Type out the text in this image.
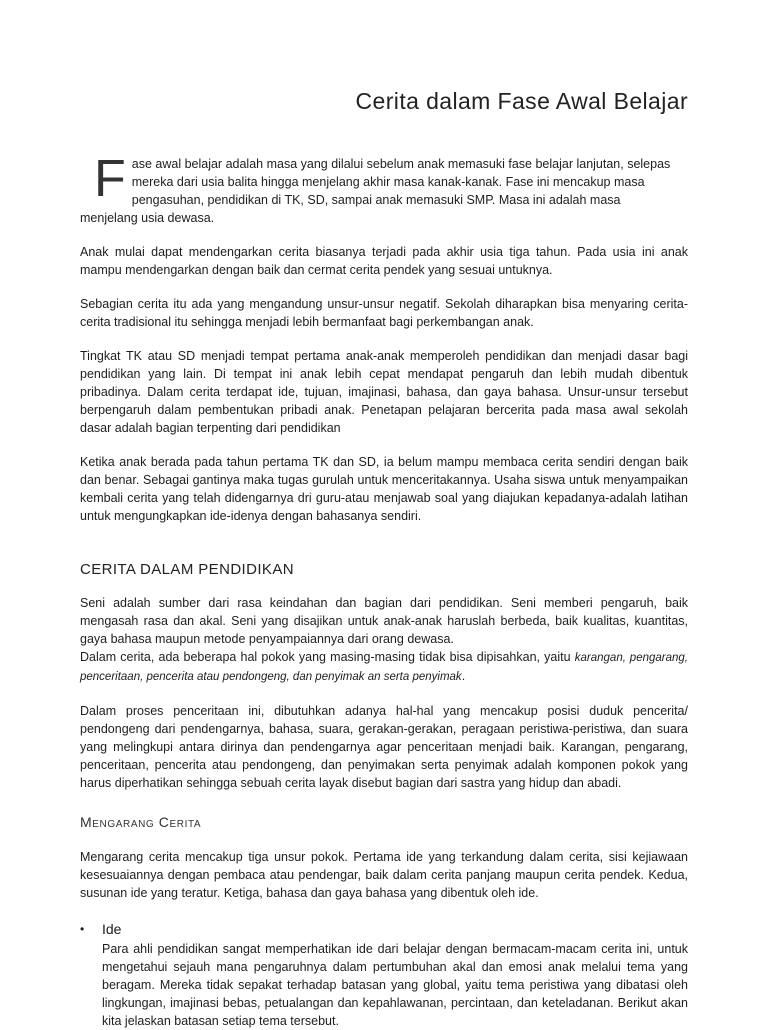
Cerita dalam Fase Awal Belajar
F ase awal belajar adalah masa yang dilalui sebelum anak memasuki fase belajar lanjutan, selepas

mereka dari usia balita hingga menjelang akhir masa kanak-kanak. Fase ini mencakup masa

pengasuhan, pendidikan di TK, SD, sampai anak memasuki SMP. Masa ini adalah masa

menjelang usia dewasa.

Anak mulai dapat mendengarkan cerita biasanya terjadi pada akhir usia tiga tahun. Pada usia ini anak mampu mendengarkan dengan baik dan cermat cerita pendek yang sesuai untuknya.

Sebagian cerita itu ada yang mengandung unsur-unsur negatif. Sekolah diharapkan bisa menyaring cerita-cerita tradisional itu sehingga menjadi lebih bermanfaat bagi perkembangan anak.

Tingkat TK atau SD menjadi tempat pertama anak-anak memperoleh pendidikan dan menjadi dasar bagi pendidikan yang lain. Di tempat ini anak lebih cepat mendapat pengaruh dan lebih mudah dibentuk pribadinya. Dalam cerita terdapat ide, tujuan, imajinasi, bahasa, dan gaya bahasa. Unsur-unsur tersebut berpengaruh dalam pembentukan pribadi anak. Penetapan pelajaran bercerita pada masa awal sekolah dasar adalah bagian terpenting dari pendidikan

Ketika anak berada pada tahun pertama TK dan SD, ia belum mampu membaca cerita sendiri dengan baik dan benar. Sebagai gantinya maka tugas gurulah untuk menceritakannya. Usaha siswa untuk menyampaikan kembali cerita yang telah didengarnya dri guru-atau menjawab soal yang diajukan kepadanya-adalah latihan untuk mengungkapkan ide-idenya dengan bahasanya sendiri.

CERITA DALAM PENDIDIKAN

Seni adalah sumber dari rasa keindahan dan bagian dari pendidikan. Seni memberi pengaruh, baik mengasah rasa dan akal. Seni yang disajikan untuk anak-anak haruslah berbeda, baik kualitas, kuantitas, gaya bahasa maupun metode penyampaiannya dari orang dewasa.

Dalam cerita, ada beberapa hal pokok yang masing-masing tidak bisa dipisahkan, yaitu karangan, pengarang, penceritaan, pencerita atau pendongeng, dan penyimak an serta penyimak.

Dalam proses penceritaan ini, dibutuhkan adanya hal-hal yang mencakup posisi duduk pencerita/ pendongeng dari pendengarnya, bahasa, suara, gerakan-gerakan, peragaan peristiwa-peristiwa, dan suara yang melingkupi antara dirinya dan pendengarnya agar penceritaan menjadi baik. Karangan, pengarang, penceritaan, pencerita atau pendongeng, dan penyimakan serta penyimak adalah komponen pokok yang harus diperhatikan sehingga sebuah cerita layak disebut bagian dari sastra yang hidup dan abadi.

Mengarang Cerita

Mengarang cerita mencakup tiga unsur pokok. Pertama ide yang terkandung dalam cerita, sisi kejiawaan kesesuaiannya dengan pembaca atau pendengar, baik dalam cerita panjang maupun cerita pendek. Kedua, susunan ide yang teratur. Ketiga, bahasa dan gaya bahasa yang dibentuk oleh ide.

•	Ide

Para ahli pendidikan sangat memperhatikan ide dari belajar dengan bermacam-macam cerita ini, untuk mengetahui sejauh mana pengaruhnya dalam pertumbuhan akal dan emosi anak melalui tema yang beragam. Mereka tidak sepakat terhadap batasan yang global, yaitu tema peristiwa yang dibatasi oleh lingkungan, imajinasi bebas, petualangan dan kepahlawanan, percintaan, dan keteladanan. Berikut akan kita jelaskan batasan setiap tema tersebut.
